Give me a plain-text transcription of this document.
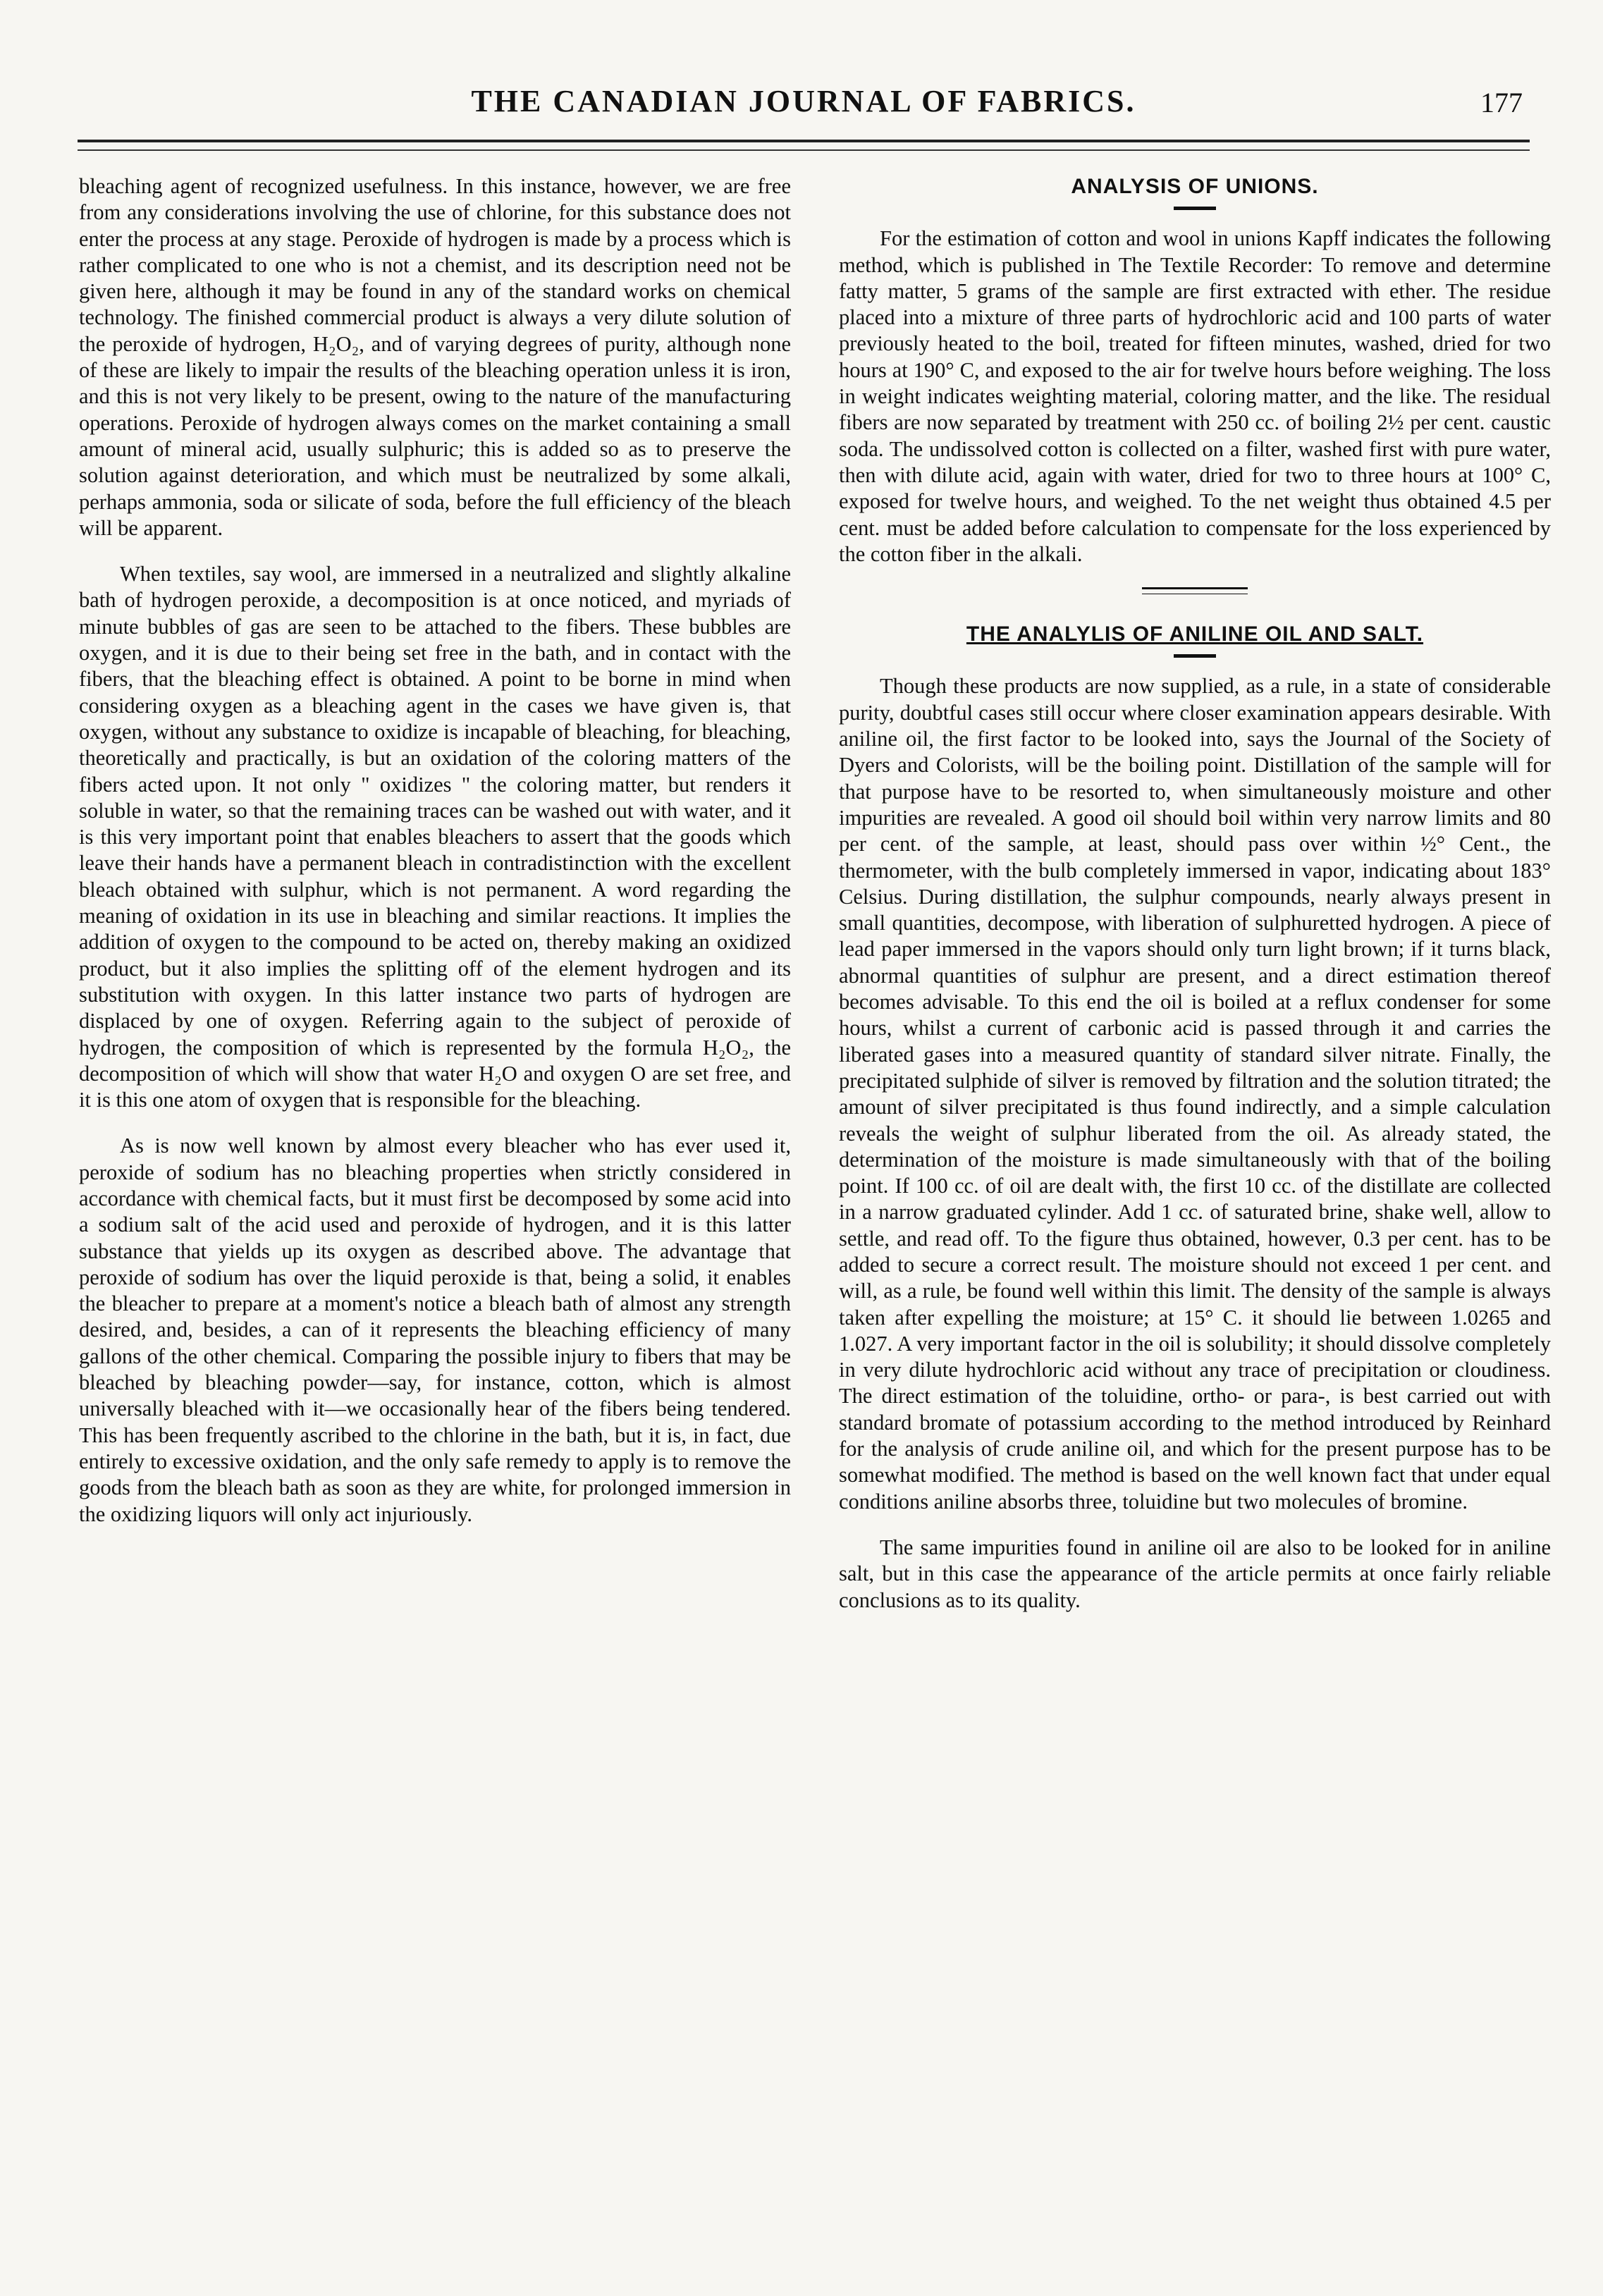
THE CANADIAN JOURNAL OF FABRICS.	177

bleaching agent of recognized usefulness. In this instance, however, we are free from any considerations involving the use of chlorine, for this substance does not enter the process at any stage. Peroxide of hydrogen is made by a process which is rather complicated to one who is not a chemist, and its description need not be given here, although it may be found in any of the standard works on chemical technology. The finished commercial product is always a very dilute solution of the peroxide of hydrogen, H₂O₂, and of varying degrees of purity, although none of these are likely to impair the results of the bleaching operation unless it is iron, and this is not very likely to be present, owing to the nature of the manufacturing operations. Peroxide of hydrogen always comes on the market containing a small amount of mineral acid, usually sulphuric; this is added so as to preserve the solution against deterioration, and which must be neutralized by some alkali, perhaps ammonia, soda or silicate of soda, before the full efficiency of the bleach will be apparent.

When textiles, say wool, are immersed in a neutralized and slightly alkaline bath of hydrogen peroxide, a decomposition is at once noticed, and myriads of minute bubbles of gas are seen to be attached to the fibers. These bubbles are oxygen, and it is due to their being set free in the bath, and in contact with the fibers, that the bleaching effect is obtained. A point to be borne in mind when considering oxygen as a bleaching agent in the cases we have given is, that oxygen, without any substance to oxidize is incapable of bleaching, for bleaching, theoretically and practically, is but an oxidation of the coloring matters of the fibers acted upon. It not only " oxidizes " the coloring matter, but renders it soluble in water, so that the remaining traces can be washed out with water, and it is this very important point that enables bleachers to assert that the goods which leave their hands have a permanent bleach in contradistinction with the excellent bleach obtained with sulphur, which is not permanent. A word regarding the meaning of oxidation in its use in bleaching and similar reactions. It implies the addition of oxygen to the compound to be acted on, thereby making an oxidized product, but it also implies the splitting off of the element hydrogen and its substitution with oxygen. In this latter instance two parts of hydrogen are displaced by one of oxygen. Referring again to the subject of peroxide of hydrogen, the composition of which is represented by the formula H₂O₂, the decomposition of which will show that water H₂O and oxygen O are set free, and it is this one atom of oxygen that is responsible for the bleaching.

As is now well known by almost every bleacher who has ever used it, peroxide of sodium has no bleaching properties when strictly considered in accordance with chemical facts, but it must first be decomposed by some acid into a sodium salt of the acid used and peroxide of hydrogen, and it is this latter substance that yields up its oxygen as described above. The advantage that peroxide of sodium has over the liquid peroxide is that, being a solid, it enables the bleacher to prepare at a moment's notice a bleach bath of almost any strength desired, and, besides, a can of it represents the bleaching efficiency of many gallons of the other chemical. Comparing the possible injury to fibers that may be bleached by bleaching powder—say, for instance, cotton, which is almost universally bleached with it—we occasionally hear of the fibers being tendered. This has been frequently ascribed to the chlorine in the bath, but it is, in fact, due entirely to excessive oxidation, and the only safe remedy to apply is to remove the goods from the bleach bath as soon as they are white, for prolonged immersion in the oxidizing liquors will only act injuriously.

ANALYSIS OF UNIONS.

For the estimation of cotton and wool in unions Kapff indicates the following method, which is published in The Textile Recorder: To remove and determine fatty matter, 5 grams of the sample are first extracted with ether. The residue placed into a mixture of three parts of hydrochloric acid and 100 parts of water previously heated to the boil, treated for fifteen minutes, washed, dried for two hours at 190° C, and exposed to the air for twelve hours before weighing. The loss in weight indicates weighting material, coloring matter, and the like. The residual fibers are now separated by treatment with 250 cc. of boiling 2½ per cent. caustic soda. The undissolved cotton is collected on a filter, washed first with pure water, then with dilute acid, again with water, dried for two to three hours at 100° C, exposed for twelve hours, and weighed. To the net weight thus obtained 4.5 per cent. must be added before calculation to compensate for the loss experienced by the cotton fiber in the alkali.

THE ANALYLIS OF ANILINE OIL AND SALT.

Though these products are now supplied, as a rule, in a state of considerable purity, doubtful cases still occur where closer examination appears desirable. With aniline oil, the first factor to be looked into, says the Journal of the Society of Dyers and Colorists, will be the boiling point. Distillation of the sample will for that purpose have to be resorted to, when simultaneously moisture and other impurities are revealed. A good oil should boil within very narrow limits and 80 per cent. of the sample, at least, should pass over within ½° Cent., the thermometer, with the bulb completely immersed in vapor, indicating about 183° Celsius. During distillation, the sulphur compounds, nearly always present in small quantities, decompose, with liberation of sulphuretted hydrogen. A piece of lead paper immersed in the vapors should only turn light brown; if it turns black, abnormal quantities of sulphur are present, and a direct estimation thereof becomes advisable. To this end the oil is boiled at a reflux condenser for some hours, whilst a current of carbonic acid is passed through it and carries the liberated gases into a measured quantity of standard silver nitrate. Finally, the precipitated sulphide of silver is removed by filtration and the solution titrated; the amount of silver precipitated is thus found indirectly, and a simple calculation reveals the weight of sulphur liberated from the oil. As already stated, the determination of the moisture is made simultaneously with that of the boiling point. If 100 cc. of oil are dealt with, the first 10 cc. of the distillate are collected in a narrow graduated cylinder. Add 1 cc. of saturated brine, shake well, allow to settle, and read off. To the figure thus obtained, however, 0.3 per cent. has to be added to secure a correct result. The moisture should not exceed 1 per cent. and will, as a rule, be found well within this limit. The density of the sample is always taken after expelling the moisture; at 15° C. it should lie between 1.0265 and 1.027. A very important factor in the oil is solubility; it should dissolve completely in very dilute hydrochloric acid without any trace of precipitation or cloudiness. The direct estimation of the toluidine, ortho- or para-, is best carried out with standard bromate of potassium according to the method introduced by Reinhard for the analysis of crude aniline oil, and which for the present purpose has to be somewhat modified. The method is based on the well known fact that under equal conditions aniline absorbs three, toluidine but two molecules of bromine.

The same impurities found in aniline oil are also to be looked for in aniline salt, but in this case the appearance of the article permits at once fairly reliable conclusions as to its quality.
